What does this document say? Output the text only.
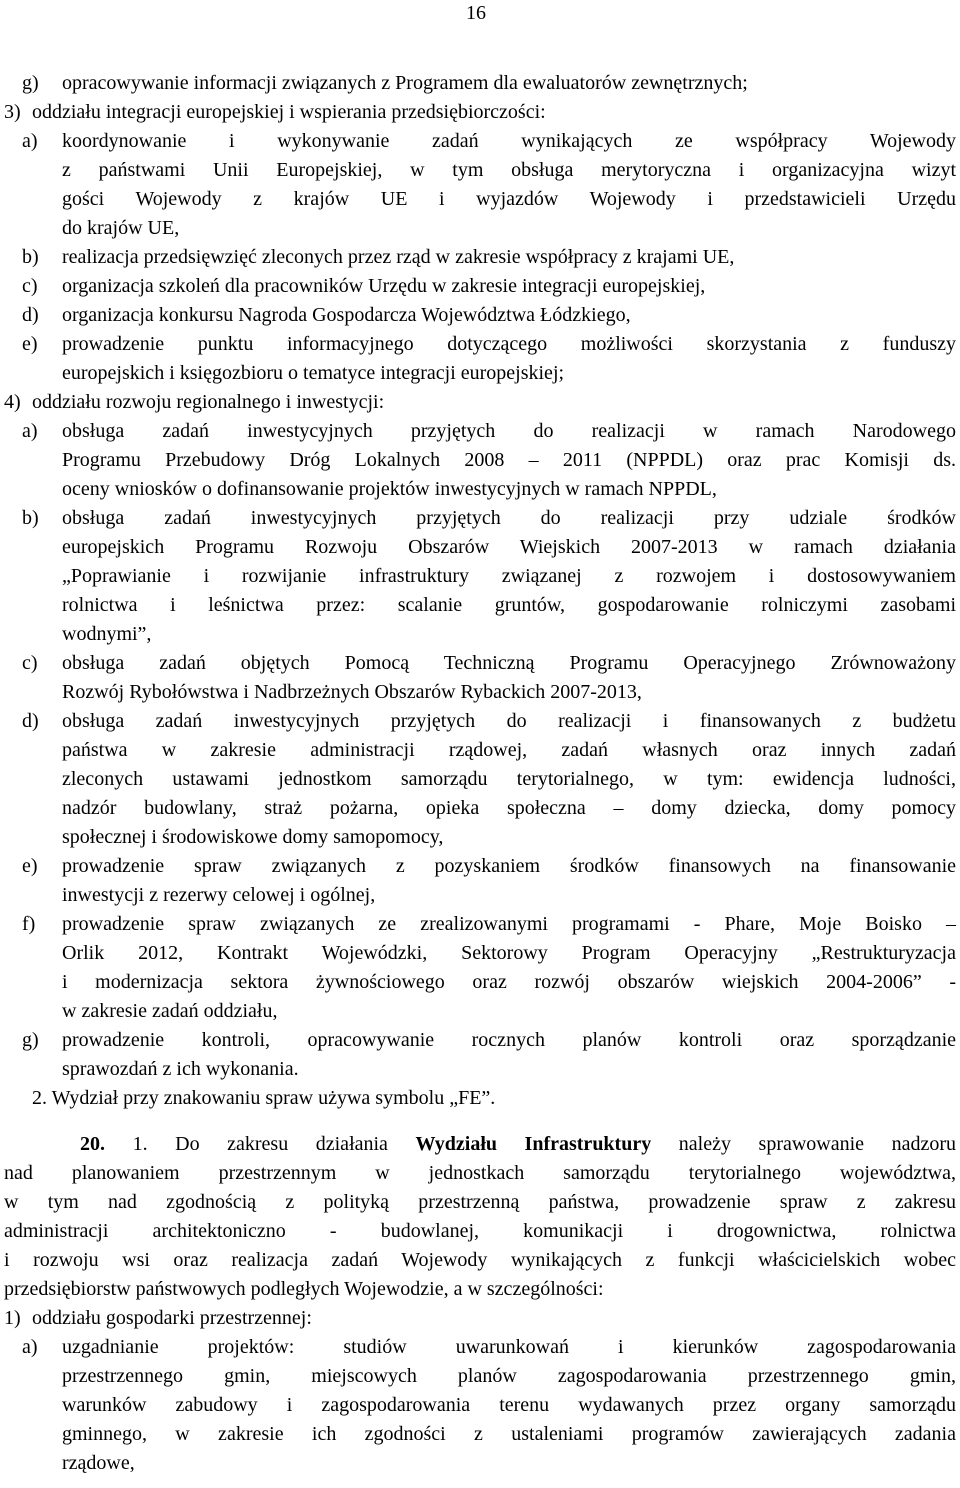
16
g) opracowywanie informacji związanych z Programem dla ewaluatorów zewnętrznych;
3) oddziału integracji europejskiej i wspierania przedsiębiorczości:
a) koordynowanie i wykonywanie zadań wynikających ze współpracy Wojewody
z państwami Unii Europejskiej, w tym obsługa merytoryczna i organizacyjna wizyt
gości Wojewody z krajów UE i wyjazdów Wojewody i przedstawicieli Urzędu
do krajów UE,
b) realizacja przedsięwzięć zleconych przez rząd w zakresie współpracy z krajami UE,
c) organizacja szkoleń dla pracowników Urzędu w zakresie integracji europejskiej,
d) organizacja konkursu Nagroda Gospodarcza Województwa Łódzkiego,
e) prowadzenie punktu informacyjnego dotyczącego możliwości skorzystania z funduszy
europejskich i księgozbioru o tematyce integracji europejskiej;
4) oddziału rozwoju regionalnego i inwestycji:
a) obsługa zadań inwestycyjnych przyjętych do realizacji w ramach Narodowego
Programu Przebudowy Dróg Lokalnych 2008 – 2011 (NPPDL) oraz prac Komisji ds.
oceny wniosków o dofinansowanie projektów inwestycyjnych w ramach NPPDL,
b) obsługa zadań inwestycyjnych przyjętych do realizacji przy udziale środków
europejskich Programu Rozwoju Obszarów Wiejskich 2007-2013 w ramach działania
„Poprawianie i rozwijanie infrastruktury związanej z rozwojem i dostosowywaniem
rolnictwa i leśnictwa przez: scalanie gruntów, gospodarowanie rolniczymi zasobami
wodnymi”,
c) obsługa zadań objętych Pomocą Techniczną Programu Operacyjnego Zrównoważony
Rozwój Rybołówstwa i Nadbrzeżnych Obszarów Rybackich 2007-2013,
d) obsługa zadań inwestycyjnych przyjętych do realizacji i finansowanych z budżetu
państwa w zakresie administracji rządowej, zadań własnych oraz innych zadań
zleconych ustawami jednostkom samorządu terytorialnego, w tym: ewidencja ludności,
nadzór budowlany, straż pożarna, opieka społeczna – domy dziecka, domy pomocy
społecznej i środowiskowe domy samopomocy,
e) prowadzenie spraw związanych z pozyskaniem środków finansowych na finansowanie
inwestycji z rezerwy celowej i ogólnej,
f) prowadzenie spraw związanych ze zrealizowanymi programami - Phare, Moje Boisko –
Orlik 2012, Kontrakt Wojewódzki, Sektorowy Program Operacyjny „Restrukturyzacja
i modernizacja sektora żywnościowego oraz rozwój obszarów wiejskich 2004-2006” -
w zakresie zadań oddziału,
g) prowadzenie kontroli, opracowywanie rocznych planów kontroli oraz sporządzanie
sprawozdań z ich wykonania.
2. Wydział przy znakowaniu spraw używa symbolu „FE”.
20. 1. Do zakresu działania Wydziału Infrastruktury należy sprawowanie nadzoru
nad planowaniem przestrzennym w jednostkach samorządu terytorialnego województwa,
w tym nad zgodnością z polityką przestrzenną państwa, prowadzenie spraw z zakresu
administracji architektoniczno - budowlanej, komunikacji i drogownictwa, rolnictwa
i rozwoju wsi oraz realizacja zadań Wojewody wynikających z funkcji właścicielskich wobec
przedsiębiorstw państwowych podległych Wojewodzie, a w szczególności:
1) oddziału gospodarki przestrzennej:
a) uzgadnianie projektów: studiów uwarunkowań i kierunków zagospodarowania
przestrzennego gmin, miejscowych planów zagospodarowania przestrzennego gmin,
warunków zabudowy i zagospodarowania terenu wydawanych przez organy samorządu
gminnego, w zakresie ich zgodności z ustaleniami programów zawierających zadania
rządowe,
